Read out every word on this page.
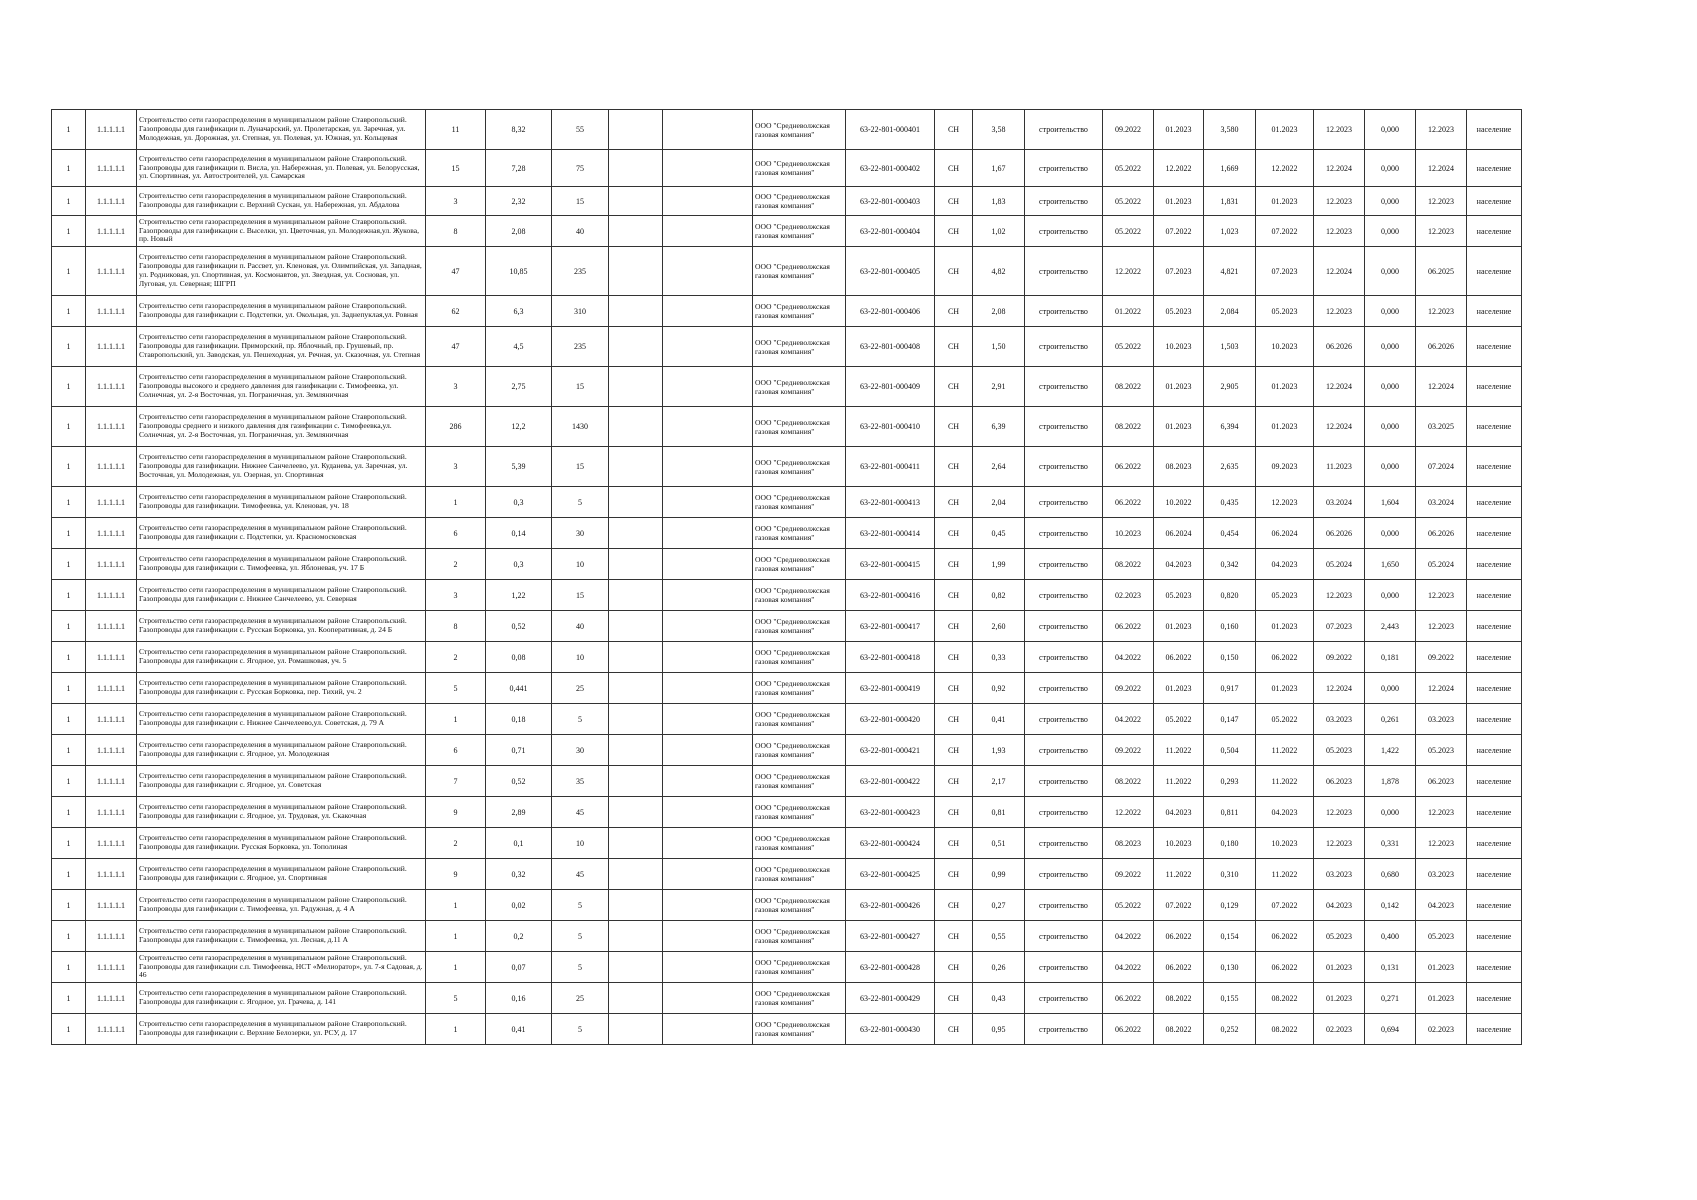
1	1.1.1.1.1	Строительство сети газораспределения в муниципальном районе Ставропольский. Газопроводы для газификации п. Луначарский, ул. Пролетарская, ул. Заречная, ул. Молодежная, ул. Дорожная, ул. Степная, ул. Полевая, ул. Южная, ул. Кольцевая	11	8,32	55			ООО "Средневолжская газовая компания"	63-22-801-000401	СН	3,58	строительство	09.2022	01.2023	3,580	01.2023	12.2023	0,000	12.2023	население
1	1.1.1.1.1	Строительство сети газораспределения в муниципальном районе Ставропольский. Газопроводы для газификации п. Висла, ул. Набережная, ул. Полевая, ул. Белорусская, ул. Спортивная, ул. Автостроителей, ул. Самарская	15	7,28	75			ООО "Средневолжская газовая компания"	63-22-801-000402	СН	1,67	строительство	05.2022	12.2022	1,669	12.2022	12.2024	0,000	12.2024	население
1	1.1.1.1.1	Строительство сети газораспределения в муниципальном районе Ставропольский. Газопроводы для газификации с. Верхний Сускан, ул. Набережная, ул. Абдалова	3	2,32	15			ООО "Средневолжская газовая компания"	63-22-801-000403	СН	1,83	строительство	05.2022	01.2023	1,831	01.2023	12.2023	0,000	12.2023	население
1	1.1.1.1.1	Строительство сети газораспределения в муниципальном районе Ставропольский. Газопроводы для газификации с. Выселки, ул. Цветочная, ул. Молодежная,ул. Жукова, пр. Новый	8	2,08	40			ООО "Средневолжская газовая компания"	63-22-801-000404	СН	1,02	строительство	05.2022	07.2022	1,023	07.2022	12.2023	0,000	12.2023	население
1	1.1.1.1.1	Строительство сети газораспределения в муниципальном районе Ставропольский. Газопроводы для газификации п. Рассвет, ул. Кленовая, ул. Олимпийская, ул. Западная, ул. Родниковая, ул. Спортивная, ул. Космонавтов, ул. Звездная, ул. Сосновая, ул. Луговая, ул. Северная; ШГРП	47	10,85	235			ООО "Средневолжская газовая компания"	63-22-801-000405	СН	4,82	строительство	12.2022	07.2023	4,821	07.2023	12.2024	0,000	06.2025	население
1	1.1.1.1.1	Строительство сети газораспределения в муниципальном районе Ставропольский. Газопроводы для газификации с. Подстепки, ул. Окольцая, ул. Заднепуклая,ул. Ровная	62	6,3	310			ООО "Средневолжская газовая компания"	63-22-801-000406	СН	2,08	строительство	01.2022	05.2023	2,084	05.2023	12.2023	0,000	12.2023	население
1	1.1.1.1.1	Строительство сети газораспределения в муниципальном районе Ставропольский. Газопроводы для газификации. Приморский, пр. Яблочный, пр. Грушевый, пр. Ставропольский, ул. Заводская, ул. Пешеходная, ул. Речная, ул. Сказочная, ул. Степная	47	4,5	235			ООО "Средневолжская газовая компания"	63-22-801-000408	СН	1,50	строительство	05.2022	10.2023	1,503	10.2023	06.2026	0,000	06.2026	население
1	1.1.1.1.1	Строительство сети газораспределения в муниципальном районе Ставропольский. Газопроводы высокого и среднего давления для газификации с. Тимофеевка, ул. Солнечная, ул. 2-я Восточная, ул. Пограничная, ул. Земляничная	3	2,75	15			ООО "Средневолжская газовая компания"	63-22-801-000409	СН	2,91	строительство	08.2022	01.2023	2,905	01.2023	12.2024	0,000	12.2024	население
1	1.1.1.1.1	Строительство сети газораспределения в муниципальном районе Ставропольский. Газопроводы среднего и низкого давления для газификации с. Тимофеевка,ул. Солнечная, ул. 2-я Восточная, ул. Пограничная, ул. Земляничная	286	12,2	1430			ООО "Средневолжская газовая компания"	63-22-801-000410	СН	6,39	строительство	08.2022	01.2023	6,394	01.2023	12.2024	0,000	03.2025	население
1	1.1.1.1.1	Строительство сети газораспределения в муниципальном районе Ставропольский. Газопроводы для газификации. Нижнее Санчелеево, ул. Куданева, ул. Заречная, ул. Восточная, ул. Молодежная, ул. Озерная, ул. Спортивная	3	5,39	15			ООО "Средневолжская газовая компания"	63-22-801-000411	СН	2,64	строительство	06.2022	08.2023	2,635	09.2023	11.2023	0,000	07.2024	население
1	1.1.1.1.1	Строительство сети газораспределения в муниципальном районе Ставропольский. Газопроводы для газификации. Тимофеевка, ул. Кленовая, уч. 18	1	0,3	5			ООО "Средневолжская газовая компания"	63-22-801-000413	СН	2,04	строительство	06.2022	10.2022	0,435	12.2023	03.2024	1,604	03.2024	население
1	1.1.1.1.1	Строительство сети газораспределения в муниципальном районе Ставропольский. Газопроводы для газификации с. Подстепки, ул. Красномосковская	6	0,14	30			ООО "Средневолжская газовая компания"	63-22-801-000414	СН	0,45	строительство	10.2023	06.2024	0,454	06.2024	06.2026	0,000	06.2026	население
1	1.1.1.1.1	Строительство сети газораспределения в муниципальном районе Ставропольский. Газопроводы для газификации с. Тимофеевка, ул. Яблоневая, уч. 17 Б	2	0,3	10			ООО "Средневолжская газовая компания"	63-22-801-000415	СН	1,99	строительство	08.2022	04.2023	0,342	04.2023	05.2024	1,650	05.2024	население
1	1.1.1.1.1	Строительство сети газораспределения в муниципальном районе Ставропольский. Газопроводы для газификации с. Нижнее Санчелеево, ул. Северная	3	1,22	15			ООО "Средневолжская газовая компания"	63-22-801-000416	СН	0,82	строительство	02.2023	05.2023	0,820	05.2023	12.2023	0,000	12.2023	население
1	1.1.1.1.1	Строительство сети газораспределения в муниципальном районе Ставропольский. Газопроводы для газификации с. Русская Борковка, ул. Кооперативная, д. 24 Б	8	0,52	40			ООО "Средневолжская газовая компания"	63-22-801-000417	СН	2,60	строительство	06.2022	01.2023	0,160	01.2023	07.2023	2,443	12.2023	население
1	1.1.1.1.1	Строительство сети газораспределения в муниципальном районе Ставропольский. Газопроводы для газификации с. Ягодное, ул. Ромашковая, уч. 5	2	0,08	10			ООО "Средневолжская газовая компания"	63-22-801-000418	СН	0,33	строительство	04.2022	06.2022	0,150	06.2022	09.2022	0,181	09.2022	население
1	1.1.1.1.1	Строительство сети газораспределения в муниципальном районе Ставропольский. Газопроводы для газификации с. Русская Борковка, пер. Тихий, уч. 2	5	0,441	25			ООО "Средневолжская газовая компания"	63-22-801-000419	СН	0,92	строительство	09.2022	01.2023	0,917	01.2023	12.2024	0,000	12.2024	население
1	1.1.1.1.1	Строительство сети газораспределения в муниципальном районе Ставропольский. Газопроводы для газификации с. Нижнее Санчелеево,ул. Советская, д. 79 А	1	0,18	5			ООО "Средневолжская газовая компания"	63-22-801-000420	СН	0,41	строительство	04.2022	05.2022	0,147	05.2022	03.2023	0,261	03.2023	население
1	1.1.1.1.1	Строительство сети газораспределения в муниципальном районе Ставропольский. Газопроводы для газификации с. Ягодное, ул. Молодежная	6	0,71	30			ООО "Средневолжская газовая компания"	63-22-801-000421	СН	1,93	строительство	09.2022	11.2022	0,504	11.2022	05.2023	1,422	05.2023	население
1	1.1.1.1.1	Строительство сети газораспределения в муниципальном районе Ставропольский. Газопроводы для газификации с. Ягодное, ул. Советская	7	0,52	35			ООО "Средневолжская газовая компания"	63-22-801-000422	СН	2,17	строительство	08.2022	11.2022	0,293	11.2022	06.2023	1,878	06.2023	население
1	1.1.1.1.1	Строительство сети газораспределения в муниципальном районе Ставропольский. Газопроводы для газификации с. Ягодное, ул. Трудовая, ул. Скакочная	9	2,89	45			ООО "Средневолжская газовая компания"	63-22-801-000423	СН	0,81	строительство	12.2022	04.2023	0,811	04.2023	12.2023	0,000	12.2023	население
1	1.1.1.1.1	Строительство сети газораспределения в муниципальном районе Ставропольский. Газопроводы для газификации. Русская Борковка, ул. Тополиная	2	0,1	10			ООО "Средневолжская газовая компания"	63-22-801-000424	СН	0,51	строительство	08.2023	10.2023	0,180	10.2023	12.2023	0,331	12.2023	население
1	1.1.1.1.1	Строительство сети газораспределения в муниципальном районе Ставропольский. Газопроводы для газификации с. Ягодное, ул. Спортивная	9	0,32	45			ООО "Средневолжская газовая компания"	63-22-801-000425	СН	0,99	строительство	09.2022	11.2022	0,310	11.2022	03.2023	0,680	03.2023	население
1	1.1.1.1.1	Строительство сети газораспределения в муниципальном районе Ставропольский. Газопроводы для газификации с. Тимофеевка, ул. Радужная, д. 4 А	1	0,02	5			ООО "Средневолжская газовая компания"	63-22-801-000426	СН	0,27	строительство	05.2022	07.2022	0,129	07.2022	04.2023	0,142	04.2023	население
1	1.1.1.1.1	Строительство сети газораспределения в муниципальном районе Ставропольский. Газопроводы для газификации с. Тимофеевка, ул. Лесная, д.11 А	1	0,2	5			ООО "Средневолжская газовая компания"	63-22-801-000427	СН	0,55	строительство	04.2022	06.2022	0,154	06.2022	05.2023	0,400	05.2023	население
1	1.1.1.1.1	Строительство сети газораспределения в муниципальном районе Ставропольский. Газопроводы для газификации с.п. Тимофеевка, НСТ «Мелиоратор», ул. 7-я Садовая, д. 46	1	0,07	5			ООО "Средневолжская газовая компания"	63-22-801-000428	СН	0,26	строительство	04.2022	06.2022	0,130	06.2022	01.2023	0,131	01.2023	население
1	1.1.1.1.1	Строительство сети газораспределения в муниципальном районе Ставропольский. Газопроводы для газификации с. Ягодное, ул. Грачева, д. 141	5	0,16	25			ООО "Средневолжская газовая компания"	63-22-801-000429	СН	0,43	строительство	06.2022	08.2022	0,155	08.2022	01.2023	0,271	01.2023	население
1	1.1.1.1.1	Строительство сети газораспределения в муниципальном районе Ставропольский. Газопроводы для газификации с. Верхние Белозерки, ул. РСУ, д. 17	1	0,41	5			ООО "Средневолжская газовая компания"	63-22-801-000430	СН	0,95	строительство	06.2022	08.2022	0,252	08.2022	02.2023	0,694	02.2023	население
